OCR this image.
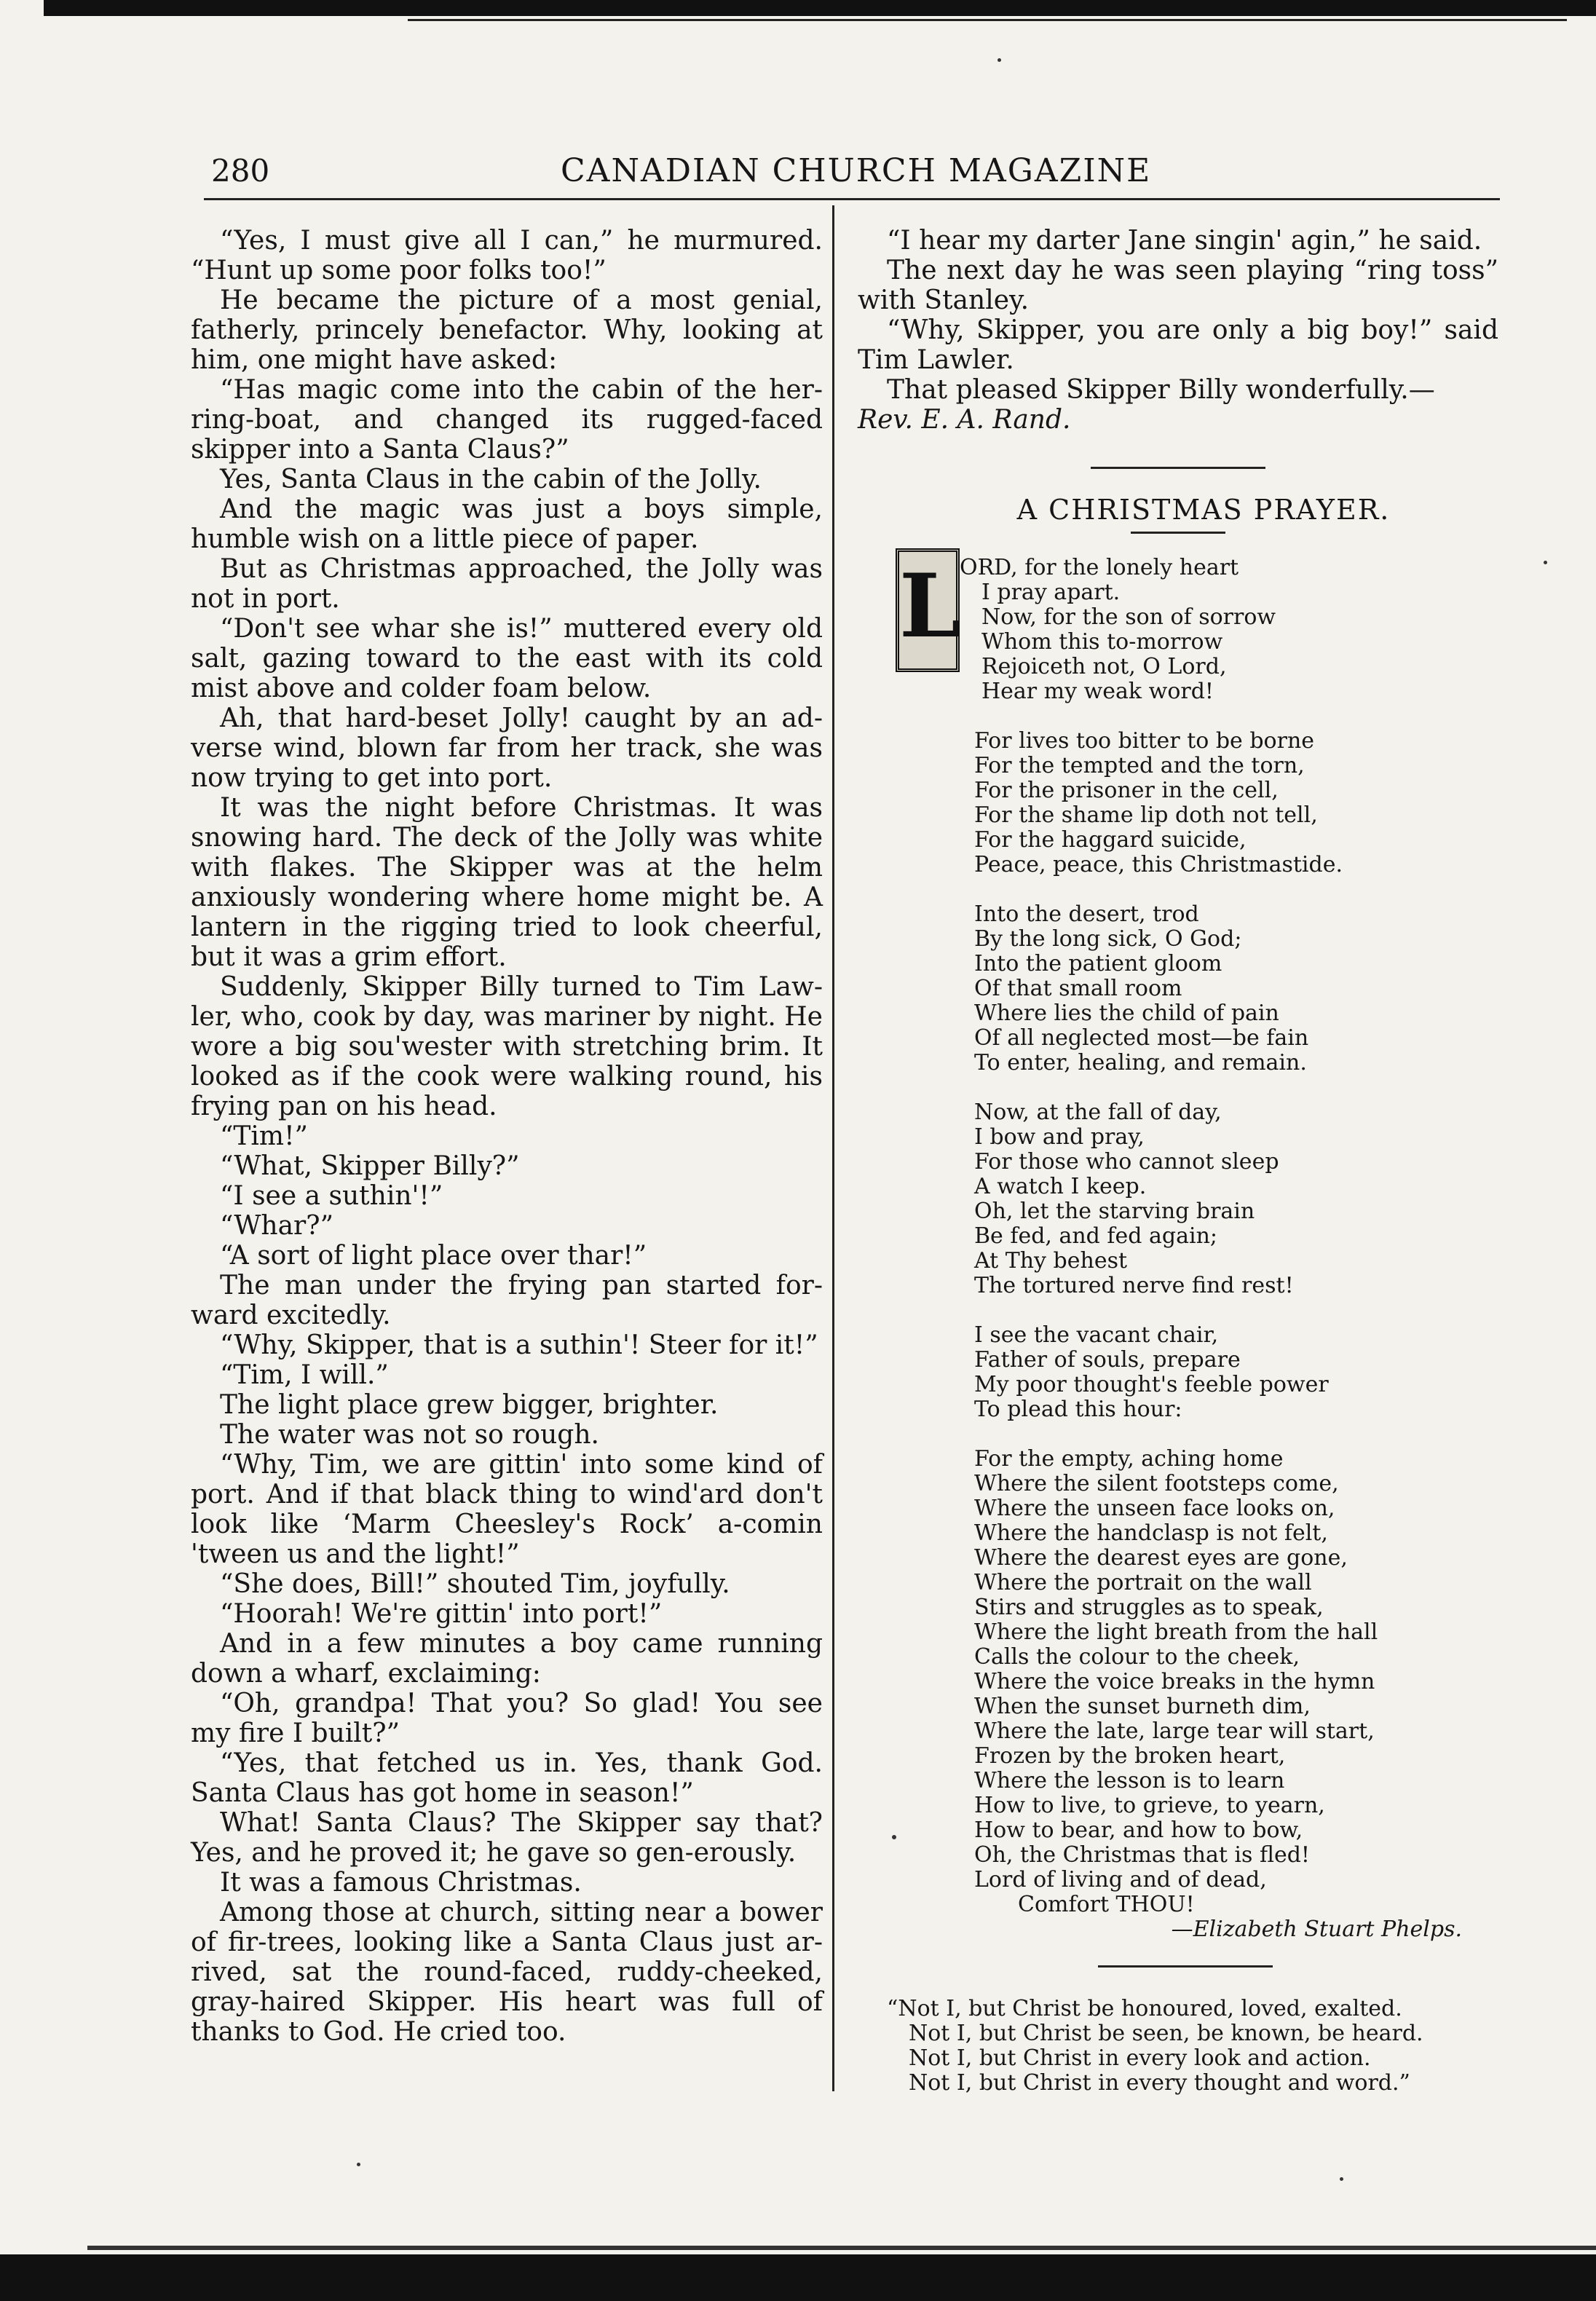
280	CANADIAN CHURCH MAGAZINE

“Yes, I must give all I can,” he murmured. “Hunt up some poor folks too!”

He became the picture of a most genial, fatherly, princely benefactor. Why, looking at him, one might have asked:

“Has magic come into the cabin of the her-ring-boat, and changed its rugged-faced skipper into a Santa Claus?”

Yes, Santa Claus in the cabin of the Jolly.

And the magic was just a boys simple, humble wish on a little piece of paper.

But as Christmas approached, the Jolly was not in port.

“Don't see whar she is!” muttered every old salt, gazing toward to the east with its cold mist above and colder foam below.

Ah, that hard-beset Jolly! caught by an ad-verse wind, blown far from her track, she was now trying to get into port.

It was the night before Christmas. It was snowing hard. The deck of the Jolly was white with flakes. The Skipper was at the helm anxiously wondering where home might be. A lantern in the rigging tried to look cheerful, but it was a grim effort.

Suddenly, Skipper Billy turned to Tim Law-ler, who, cook by day, was mariner by night. He wore a big sou'wester with stretching brim. It looked as if the cook were walking round, his frying pan on his head.

“Tim!”

“What, Skipper Billy?”

“I see a suthin'!”

“Whar?”

“A sort of light place over thar!”

The man under the frying pan started for-ward excitedly.

“Why, Skipper, that is a suthin'! Steer for it!”

“Tim, I will.”

The light place grew bigger, brighter.

The water was not so rough.

“Why, Tim, we are gittin' into some kind of port. And if that black thing to wind'ard don't look like ‘Marm Cheesley's Rock’ a-comin 'tween us and the light!”

“She does, Bill!” shouted Tim, joyfully.

“Hoorah! We're gittin' into port!”

And in a few minutes a boy came running down a wharf, exclaiming:

“Oh, grandpa! That you? So glad! You see my fire I built?”

“Yes, that fetched us in. Yes, thank God. Santa Claus has got home in season!”

What! Santa Claus? The Skipper say that? Yes, and he proved it; he gave so gen-erously.

It was a famous Christmas.

Among those at church, sitting near a bower of fir-trees, looking like a Santa Claus just ar-rived, sat the round-faced, ruddy-cheeked, gray-haired Skipper. His heart was full of thanks to God. He cried too.

“I hear my darter Jane singin' agin,” he said.

The next day he was seen playing “ring toss” with Stanley.

“Why, Skipper, you are only a big boy!” said Tim Lawler.

That pleased Skipper Billy wonderfully.—

Rev. E. A. Rand.

A CHRISTMAS PRAYER.
L
ORD, for the lonely heart
I pray apart.
Now, for the son of sorrow
Whom this to-morrow
Rejoiceth not, O Lord,
Hear my weak word!
For lives too bitter to be borne
For the tempted and the torn,
For the prisoner in the cell,
For the shame lip doth not tell,
For the haggard suicide,
Peace, peace, this Christmastide.
Into the desert, trod
By the long sick, O God;
Into the patient gloom
Of that small room
Where lies the child of pain
Of all neglected most—be fain
To enter, healing, and remain.
Now, at the fall of day,
I bow and pray,
For those who cannot sleep
A watch I keep.
Oh, let the starving brain
Be fed, and fed again;
At Thy behest
The tortured nerve find rest!
I see the vacant chair,
Father of souls, prepare
My poor thought's feeble power
To plead this hour:
For the empty, aching home
Where the silent footsteps come,
Where the unseen face looks on,
Where the handclasp is not felt,
Where the dearest eyes are gone,
Where the portrait on the wall
Stirs and struggles as to speak,
Where the light breath from the hall
Calls the colour to the cheek,
Where the voice breaks in the hymn
When the sunset burneth dim,
Where the late, large tear will start,
Frozen by the broken heart,
Where the lesson is to learn
How to live, to grieve, to yearn,
How to bear, and how to bow,
Oh, the Christmas that is fled!
Lord of living and of dead,
Comfort THOU!
—Elizabeth Stuart Phelps.
“Not I, but Christ be honoured, loved, exalted.
Not I, but Christ be seen, be known, be heard.
Not I, but Christ in every look and action.
Not I, but Christ in every thought and word.”
